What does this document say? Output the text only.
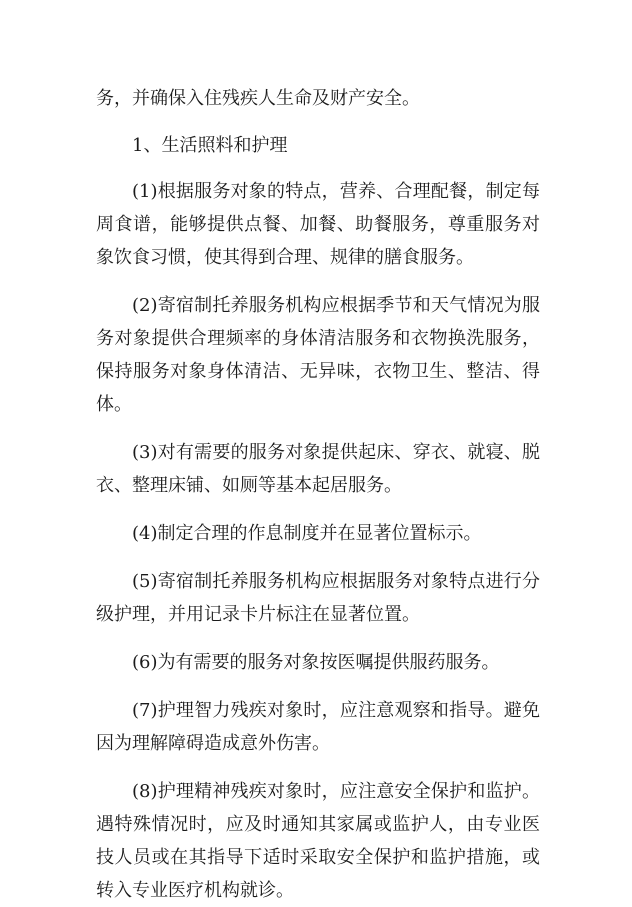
务，并确保入住残疾人生命及财产安全。

1、生活照料和护理

(1)根据服务对象的特点，营养、合理配餐，制定每周食谱，能够提供点餐、加餐、助餐服务，尊重服务对象饮食习惯，使其得到合理、规律的膳食服务。

(2)寄宿制托养服务机构应根据季节和天气情况为服务对象提供合理频率的身体清洁服务和衣物换洗服务，保持服务对象身体清洁、无异味，衣物卫生、整洁、得体。

(3)对有需要的服务对象提供起床、穿衣、就寝、脱衣、整理床铺、如厕等基本起居服务。

(4)制定合理的作息制度并在显著位置标示。

(5)寄宿制托养服务机构应根据服务对象特点进行分级护理，并用记录卡片标注在显著位置。

(6)为有需要的服务对象按医嘱提供服药服务。

(7)护理智力残疾对象时，应注意观察和指导。避免因为理解障碍造成意外伤害。

(8)护理精神残疾对象时，应注意安全保护和监护。遇特殊情况时，应及时通知其家属或监护人，由专业医技人员或在其指导下适时采取安全保护和监护措施，或转入专业医疗机构就诊。
